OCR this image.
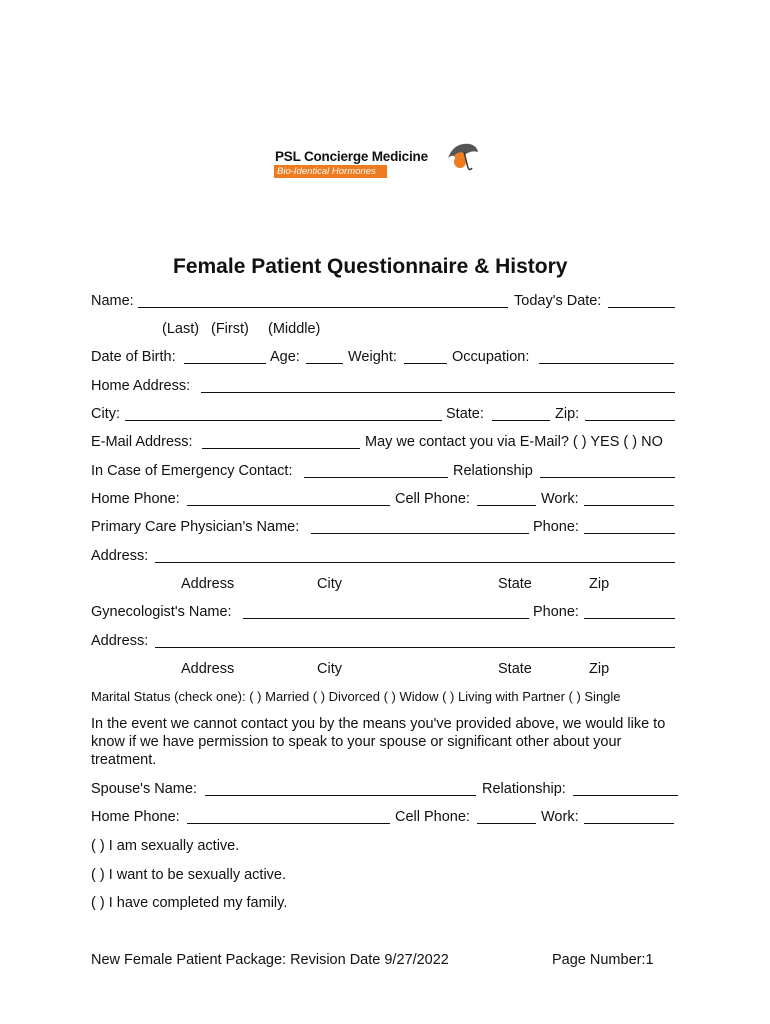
PSL Concierge Medicine
Bio-Identical Hormones
Female Patient Questionnaire & History
Name:	Today's Date:
(Last) (First) (Middle)
Date of Birth:	Age:	Weight:	Occupation:
Home Address:
City:	State:	Zip:
E-Mail Address:	May we contact you via E-Mail? ( ) YES ( ) NO
In Case of Emergency Contact:	Relationship
Home Phone:	Cell Phone:	Work:
Primary Care Physician's Name:	Phone:
Address:
Address	City	State	Zip
Gynecologist's Name:	Phone:
Address:
Address	City	State	Zip
Marital Status (check one): ( ) Married ( ) Divorced ( ) Widow ( ) Living with Partner ( ) Single
In the event we cannot contact you by the means you've provided above, we would like to know if we have permission to speak to your spouse or significant other about your treatment.
Spouse's Name:	Relationship:
Home Phone:	Cell Phone:	Work:
( ) I am sexually active.
( ) I want to be sexually active.
( ) I have completed my family.
New Female Patient Package: Revision Date 9/27/2022	Page Number:1
